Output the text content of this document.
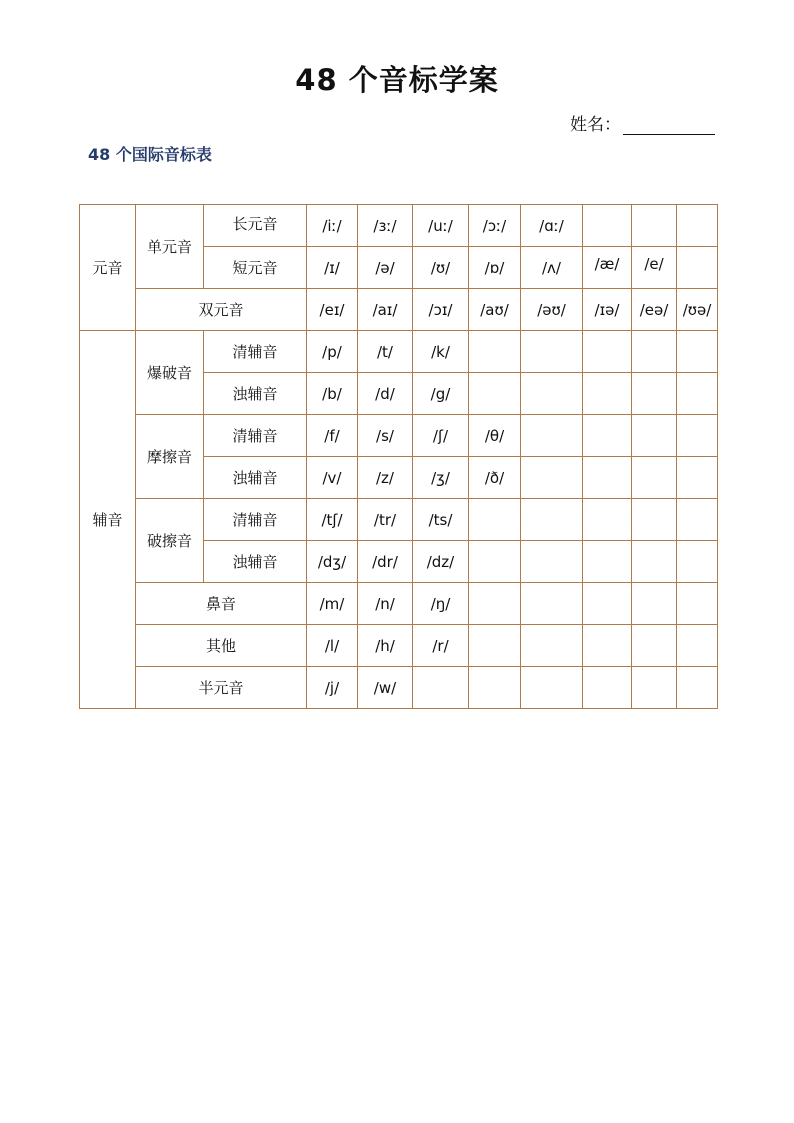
48 个音标学案
姓名：
48 个国际音标表
元音	单元音	长元音	/iː/	/ɜː/	/uː/	/ɔː/	/ɑː/			
		短元音	/ɪ/	/ə/	/ʊ/	/ɒ/	/ʌ/	/æ/	/e/	
	双元音		/eɪ/	/aɪ/	/ɔɪ/	/aʊ/	/əʊ/	/ɪə/	/eə/	/ʊə/
辅音	爆破音	清辅音	/p/	/t/	/k/					
		浊辅音	/b/	/d/	/g/					
	摩擦音	清辅音	/f/	/s/	/ʃ/	/θ/				
		浊辅音	/v/	/z/	/ʒ/	/ð/				
	破擦音	清辅音	/tʃ/	/tr/	/ts/					
		浊辅音	/dʒ/	/dr/	/dz/					
	鼻音		/m/	/n/	/ŋ/					
	其他		/l/	/h/	/r/					
	半元音		/j/	/w/						
